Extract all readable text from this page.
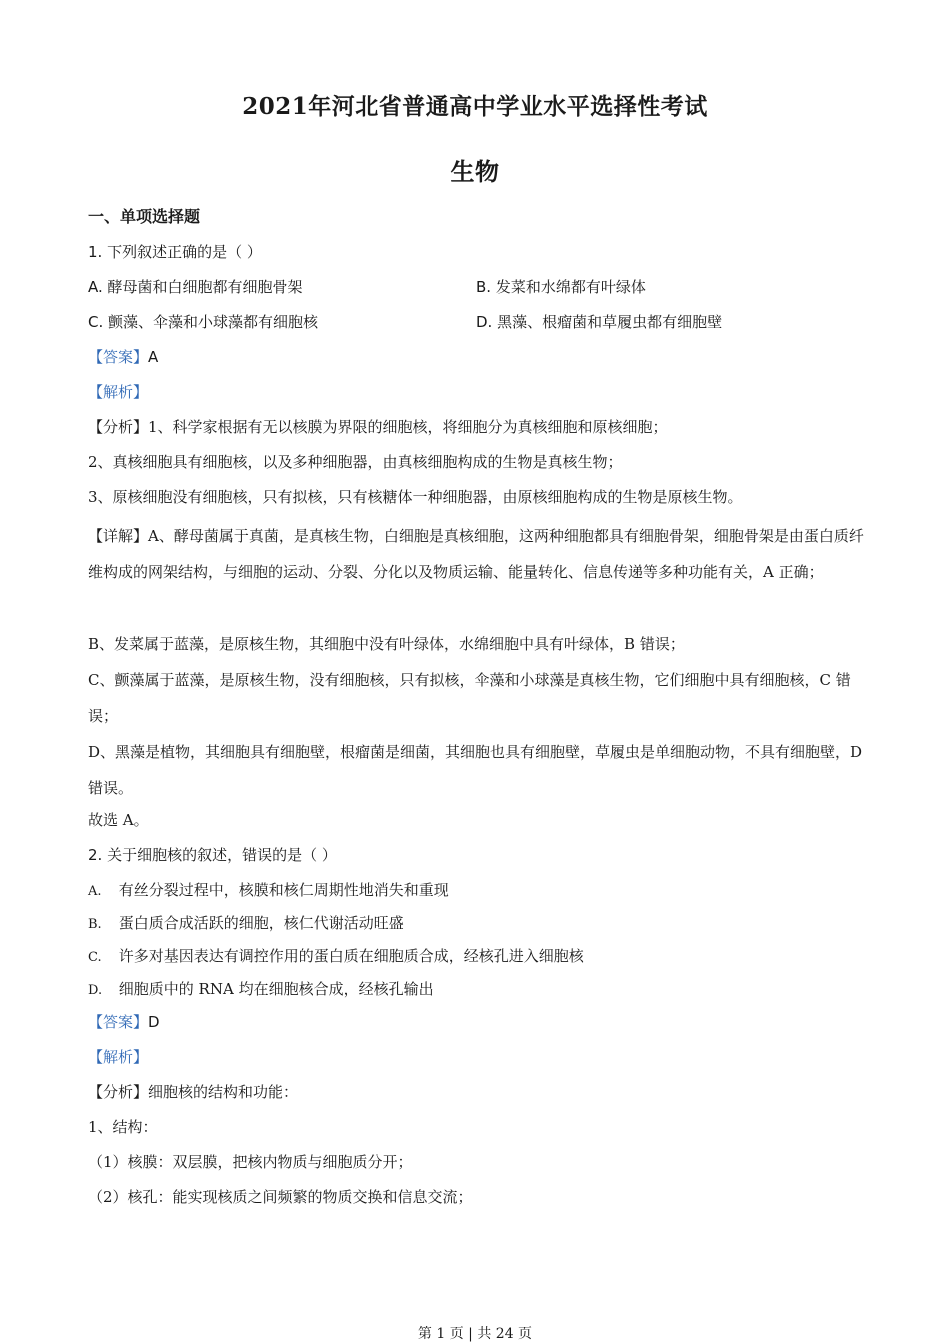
2021年河北省普通高中学业水平选择性考试
生物
一、单项选择题
1. 下列叙述正确的是（ ）
A. 酵母菌和白细胞都有细胞骨架	B. 发菜和水绵都有叶绿体
C. 颤藻、伞藻和小球藻都有细胞核	D. 黑藻、根瘤菌和草履虫都有细胞壁
【答案】A
【解析】
【分析】1、科学家根据有无以核膜为界限的细胞核，将细胞分为真核细胞和原核细胞；
2、真核细胞具有细胞核，以及多种细胞器，由真核细胞构成的生物是真核生物；
3、原核细胞没有细胞核，只有拟核，只有核糖体一种细胞器，由原核细胞构成的生物是原核生物。
【详解】A、酵母菌属于真菌，是真核生物，白细胞是真核细胞，这两种细胞都具有细胞骨架，细胞骨架是由蛋白质纤维构成的网架结构，与细胞的运动、分裂、分化以及物质运输、能量转化、信息传递等多种功能有关，A 正确；
B、发菜属于蓝藻，是原核生物，其细胞中没有叶绿体，水绵细胞中具有叶绿体，B 错误；
C、颤藻属于蓝藻，是原核生物，没有细胞核，只有拟核，伞藻和小球藻是真核生物，它们细胞中具有细胞核，C 错误；
D、黑藻是植物，其细胞具有细胞壁，根瘤菌是细菌，其细胞也具有细胞壁，草履虫是单细胞动物，不具有细胞壁，D 错误。
故选 A。
2. 关于细胞核的叙述，错误的是（ ）
A. 有丝分裂过程中，核膜和核仁周期性地消失和重现
B. 蛋白质合成活跃的细胞，核仁代谢活动旺盛
C. 许多对基因表达有调控作用的蛋白质在细胞质合成，经核孔进入细胞核
D. 细胞质中的 RNA 均在细胞核合成，经核孔输出
【答案】D
【解析】
【分析】细胞核的结构和功能：
1、结构：
（1）核膜：双层膜，把核内物质与细胞质分开；
（2）核孔：能实现核质之间频繁的物质交换和信息交流；
第 1 页 | 共 24 页
